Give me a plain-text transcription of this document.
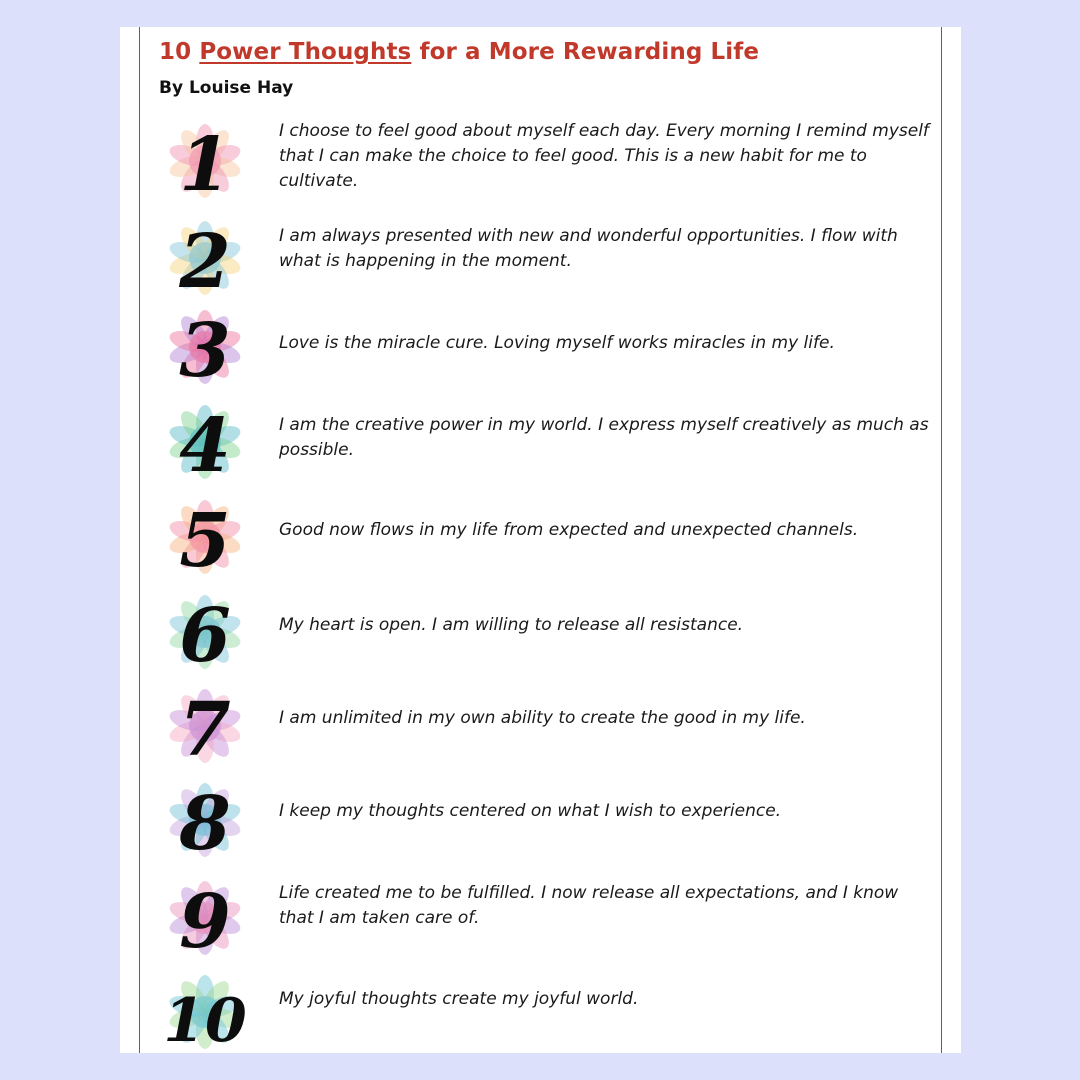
10 Power Thoughts for a More Rewarding Life
By Louise Hay
1	I choose to feel good about myself each day. Every morning I remind myself that I can make the choice to feel good. This is a new habit for me to cultivate.
2	I am always presented with new and wonderful opportunities. I flow with what is happening in the moment.
3	Love is the miracle cure. Loving myself works miracles in my life.
4	I am the creative power in my world. I express myself creatively as much as possible.
5	Good now flows in my life from expected and unexpected channels.
6	My heart is open. I am willing to release all resistance.
7	I am unlimited in my own ability to create the good in my life.
8	I keep my thoughts centered on what I wish to experience.
9	Life created me to be fulfilled. I now release all expectations, and I know that I am taken care of.
10 My joyful thoughts create my joyful world.
